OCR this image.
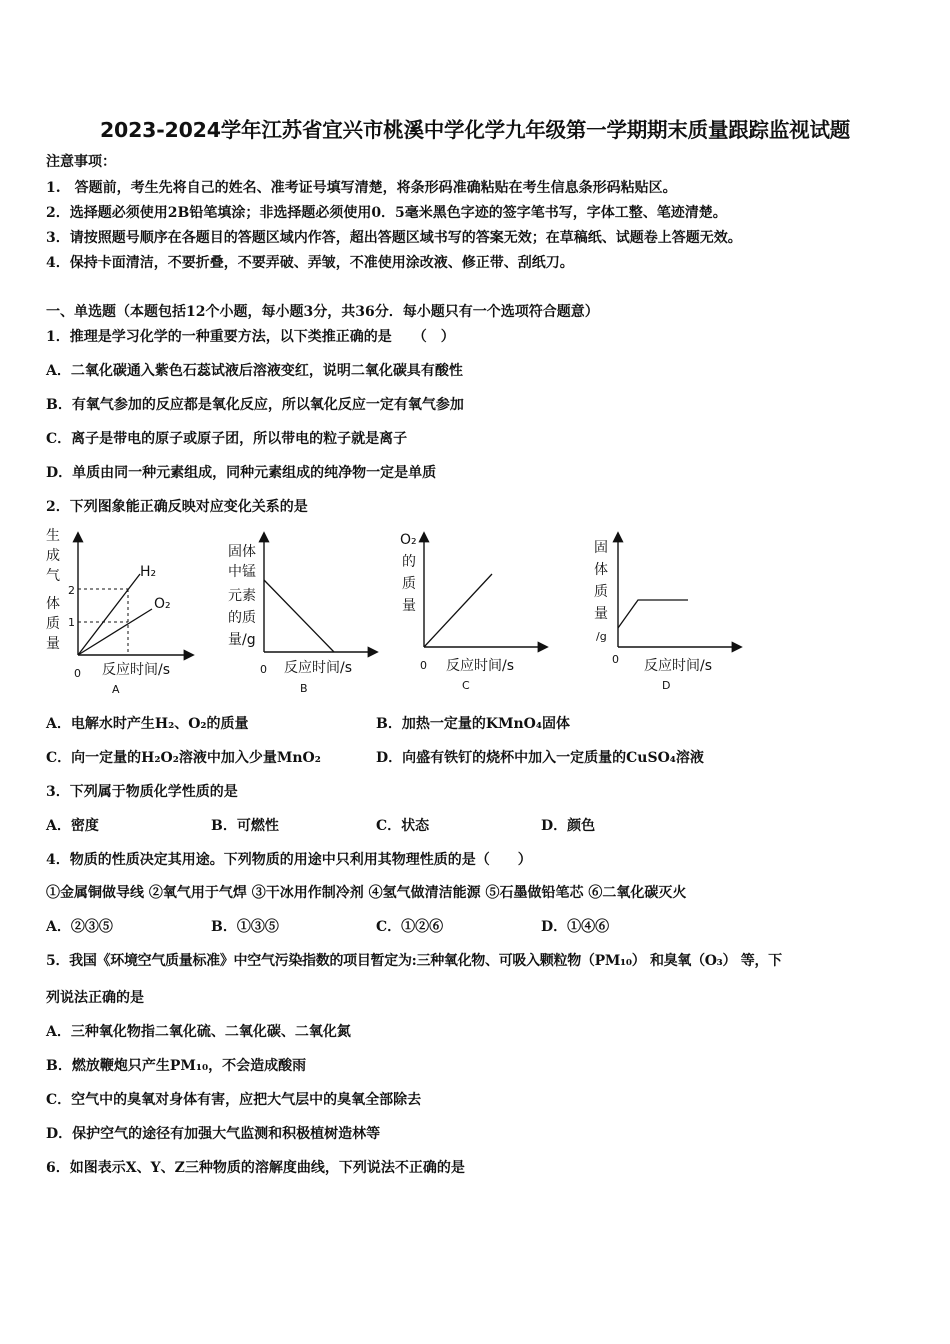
2023-2024学年江苏省宜兴市桃溪中学化学九年级第一学期期末质量跟踪监视试题
注意事项：
1.　答题前，考生先将自己的姓名、准考证号填写清楚，将条形码准确粘贴在考生信息条形码粘贴区。
2．选择题必须使用2B铅笔填涂；非选择题必须使用0．5毫米黑色字迹的签字笔书写，字体工整、笔迹清楚。
3．请按照题号顺序在各题目的答题区域内作答，超出答题区域书写的答案无效；在草稿纸、试题卷上答题无效。
4．保持卡面清洁，不要折叠，不要弄破、弄皱，不准使用涂改液、修正带、刮纸刀。
一、单选题（本题包括12个小题，每小题3分，共36分．每小题只有一个选项符合题意）
1．推理是学习化学的一种重要方法，以下类推正确的是　　（　）
A．二氧化碳通入紫色石蕊试液后溶液变红，说明二氧化碳具有酸性
B．有氧气参加的反应都是氧化反应，所以氧化反应一定有氧气参加
C．离子是带电的原子或原子团，所以带电的粒子就是离子
D．单质由同一种元素组成，同种元素组成的纯净物一定是单质
2．下列图象能正确反映对应变化关系的是
生
成
气
体
质
量
2
1
H₂
O₂
0 反应时间/s
A
固体
中锰
元素
的质
量/g
0 反应时间/s
B
O₂
的
质
量
0 反应时间/s
C
固
体
质
量
/g
0 反应时间/s
D
A．电解水时产生H₂、O₂的质量	B．加热一定量的KMnO₄固体
C．向一定量的H₂O₂溶液中加入少量MnO₂	D．向盛有铁钉的烧杯中加入一定质量的CuSO₄溶液
3．下列属于物质化学性质的是
A．密度	B．可燃性	C．状态	D．颜色
4．物质的性质决定其用途。下列物质的用途中只利用其物理性质的是（　　）
①金属铜做导线 ②氧气用于气焊 ③干冰用作制冷剂 ④氢气做清洁能源 ⑤石墨做铅笔芯 ⑥二氧化碳灭火
A．②③⑤	B．①③⑤	C．①②⑥	D．①④⑥
5．我国《环境空气质量标准》中空气污染指数的项目暂定为:三种氧化物、可吸入颗粒物（PM₁₀） 和臭氧（O₃） 等，下
列说法正确的是
A．三种氧化物指二氧化硫、二氧化碳、二氧化氮
B．燃放鞭炮只产生PM₁₀，不会造成酸雨
C．空气中的臭氧对身体有害，应把大气层中的臭氧全部除去
D．保护空气的途径有加强大气监测和积极植树造林等
6．如图表示X、Y、Z三种物质的溶解度曲线，下列说法不正确的是
